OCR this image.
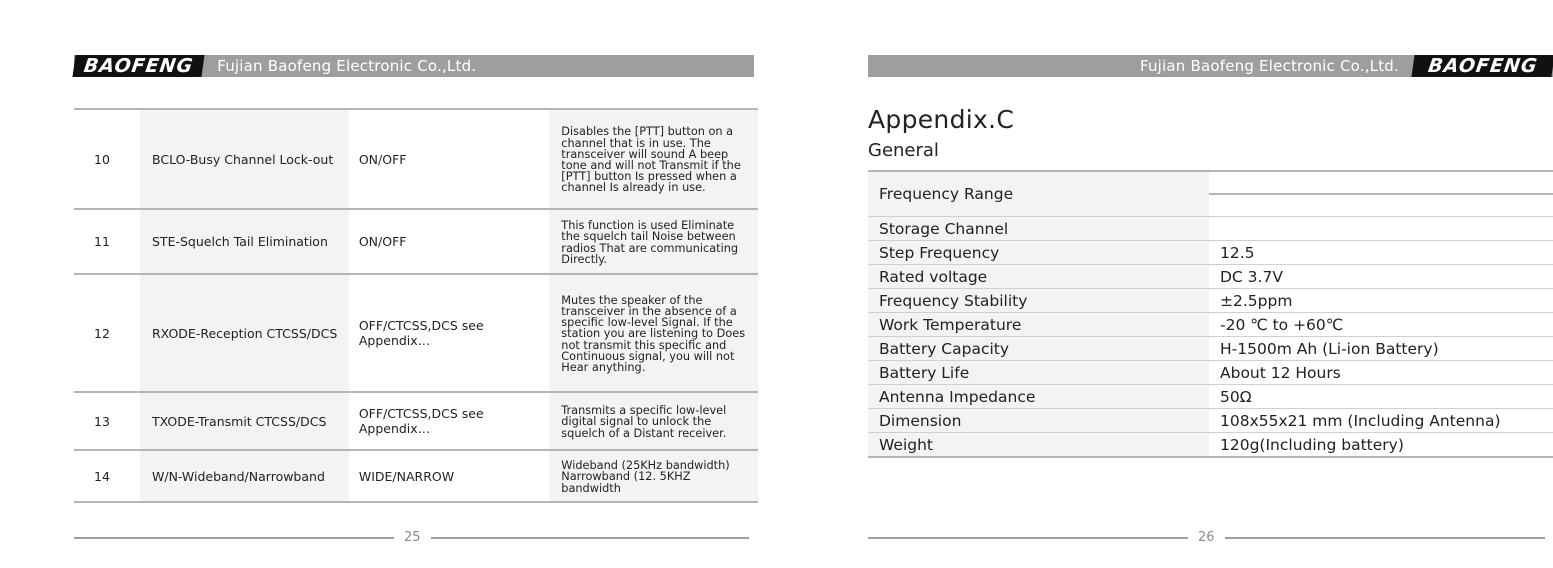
BAOFENG	Fujian Baofeng Electronic Co.,Ltd.
10	BCLO-Busy Channel Lock-out	ON/OFF	Disables the [PTT] button on a channel that is in use. The transceiver will sound A beep tone and will not Transmit if the [PTT] button Is pressed when a channel Is already in use.
11	STE-Squelch Tail Elimination	ON/OFF	This function is used Eliminate the squelch tail Noise between radios That are communicating Directly.
12	RXODE-Reception CTCSS/DCS	OFF/CTCSS,DCS see Appendix…	Mutes the speaker of the transceiver in the absence of a specific low-level Signal. If the station you are listening to Does not transmit this specific and Continuous signal, you will not Hear anything.
13	TXODE-Transmit CTCSS/DCS	OFF/CTCSS,DCS see Appendix…	Transmits a specific low-level digital signal to unlock the squelch of a Distant receiver.
14	W/N-Wideband/Narrowband	WIDE/NARROW	Wideband (25KHz bandwidth) Narrowband (12. 5KHZ bandwidth
25
Fujian Baofeng Electronic Co.,Ltd.	BAOFENG
Appendix.C
General
Frequency Range	

Storage Channel	
Step Frequency	12.5
Rated voltage	DC 3.7V
Frequency Stability	±2.5ppm
Work Temperature	-20 ℃ to +60℃
Battery Capacity	H-1500m Ah (Li-ion Battery)
Battery Life	About 12 Hours
Antenna Impedance	50Ω
Dimension	108x55x21 mm (Including Antenna)
Weight	120g(Including battery)
26
